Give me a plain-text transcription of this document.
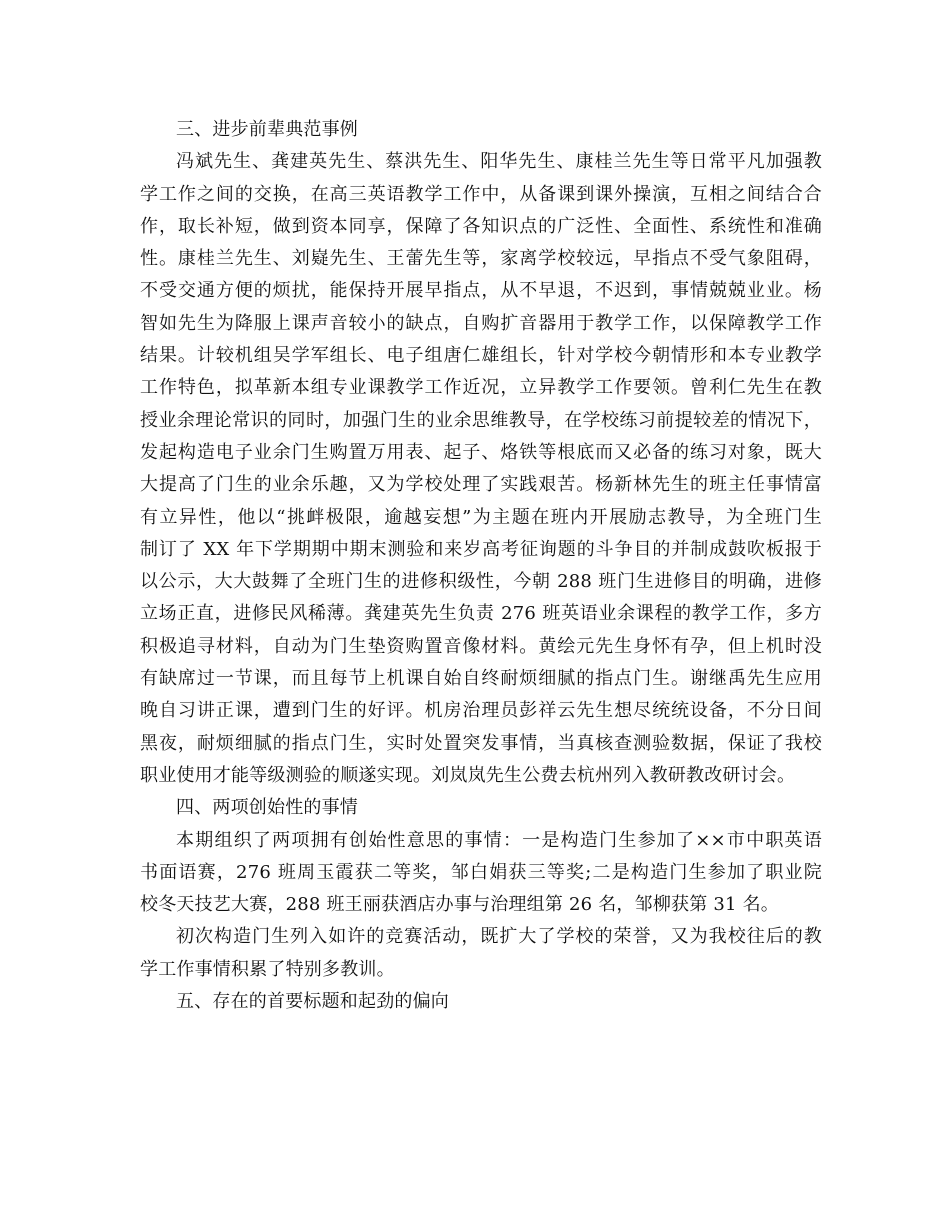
三、进步前辈典范事例
冯斌先生、龚建英先生、蔡洪先生、阳华先生、康桂兰先生等日常平凡加强教
学工作之间的交换，在高三英语教学工作中，从备课到课外操演，互相之间结合合
作，取长补短，做到资本同享，保障了各知识点的广泛性、全面性、系统性和准确
性。康桂兰先生、刘嶷先生、王蕾先生等，家离学校较远，早指点不受气象阻碍，
不受交通方便的烦扰，能保持开展早指点，从不早退，不迟到，事情兢兢业业。杨
智如先生为降服上课声音较小的缺点，自购扩音器用于教学工作，以保障教学工作
结果。计较机组吴学军组长、电子组唐仁雄组长，针对学校今朝情形和本专业教学
工作特色，拟革新本组专业课教学工作近况，立异教学工作要领。曾利仁先生在教
授业余理论常识的同时，加强门生的业余思维教导，在学校练习前提较差的情况下，
发起构造电子业余门生购置万用表、起子、烙铁等根底而又必备的练习对象，既大
大提高了门生的业余乐趣，又为学校处理了实践艰苦。杨新林先生的班主任事情富
有立异性，他以“挑衅极限，逾越妄想”为主题在班内开展励志教导，为全班门生
制订了 XX 年下学期期中期末测验和来岁高考征询题的斗争目的并制成鼓吹板报于
以公示，大大鼓舞了全班门生的进修积级性，今朝 288 班门生进修目的明确，进修
立场正直，进修民风稀薄。龚建英先生负责 276 班英语业余课程的教学工作，多方
积极追寻材料，自动为门生垫资购置音像材料。黄绘元先生身怀有孕，但上机时没
有缺席过一节课，而且每节上机课自始自终耐烦细腻的指点门生。谢继禹先生应用
晚自习讲正课，遭到门生的好评。机房治理员彭祥云先生想尽统统设备，不分日间
黑夜，耐烦细腻的指点门生，实时处置突发事情，当真核查测验数据，保证了我校
职业使用才能等级测验的顺遂实现。刘岚岚先生公费去杭州列入教研教改研讨会。
四、两项创始性的事情
本期组织了两项拥有创始性意思的事情：一是构造门生参加了××市中职英语
书面语赛，276 班周玉霞获二等奖，邹白娟获三等奖;二是构造门生参加了职业院
校冬天技艺大赛，288 班王丽获酒店办事与治理组第 26 名，邹柳获第 31 名。
初次构造门生列入如许的竞赛活动，既扩大了学校的荣誉，又为我校往后的教
学工作事情积累了特别多教训。
五、存在的首要标题和起劲的偏向
